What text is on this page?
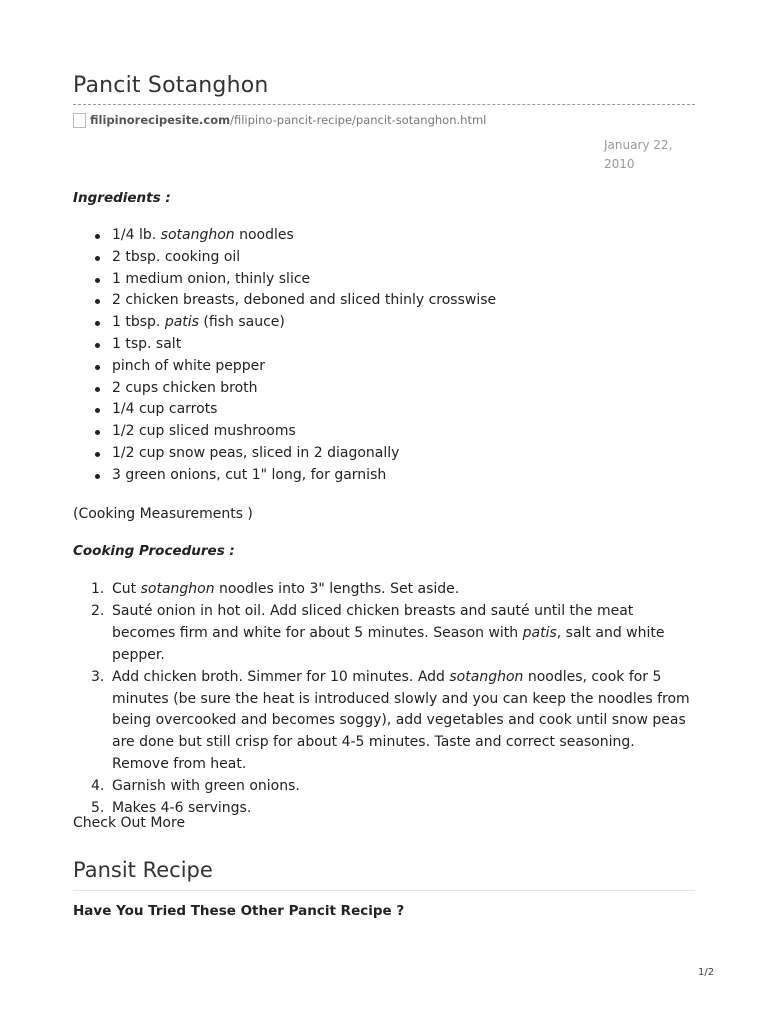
Pancit Sotanghon
filipinorecipesite.com /filipino-pancit-recipe/pancit-sotanghon.html
January 22, 2010
Ingredients :
1/4 lb. sotanghon noodles
2 tbsp. cooking oil
1 medium onion, thinly slice
2 chicken breasts, deboned and sliced thinly crosswise
1 tbsp. patis (fish sauce)
1 tsp. salt
pinch of white pepper
2 cups chicken broth
1/4 cup carrots
1/2 cup sliced mushrooms
1/2 cup snow peas, sliced in 2 diagonally
3 green onions, cut 1" long, for garnish

(Cooking Measurements )

Cooking Procedures :
1. Cut sotanghon noodles into 3" lengths. Set aside.
2. Sauté onion in hot oil. Add sliced chicken breasts and sauté until the meat becomes firm and white for about 5 minutes. Season with patis, salt and white pepper.
3. Add chicken broth. Simmer for 10 minutes. Add sotanghon noodles, cook for 5 minutes (be sure the heat is introduced slowly and you can keep the noodles from being overcooked and becomes soggy), add vegetables and cook until snow peas are done but still crisp for about 4-5 minutes. Taste and correct seasoning. Remove from heat.
4. Garnish with green onions.
5. Makes 4-6 servings.

Check Out More

Pansit Recipe

Have You Tried These Other Pancit Recipe ?

1/2
